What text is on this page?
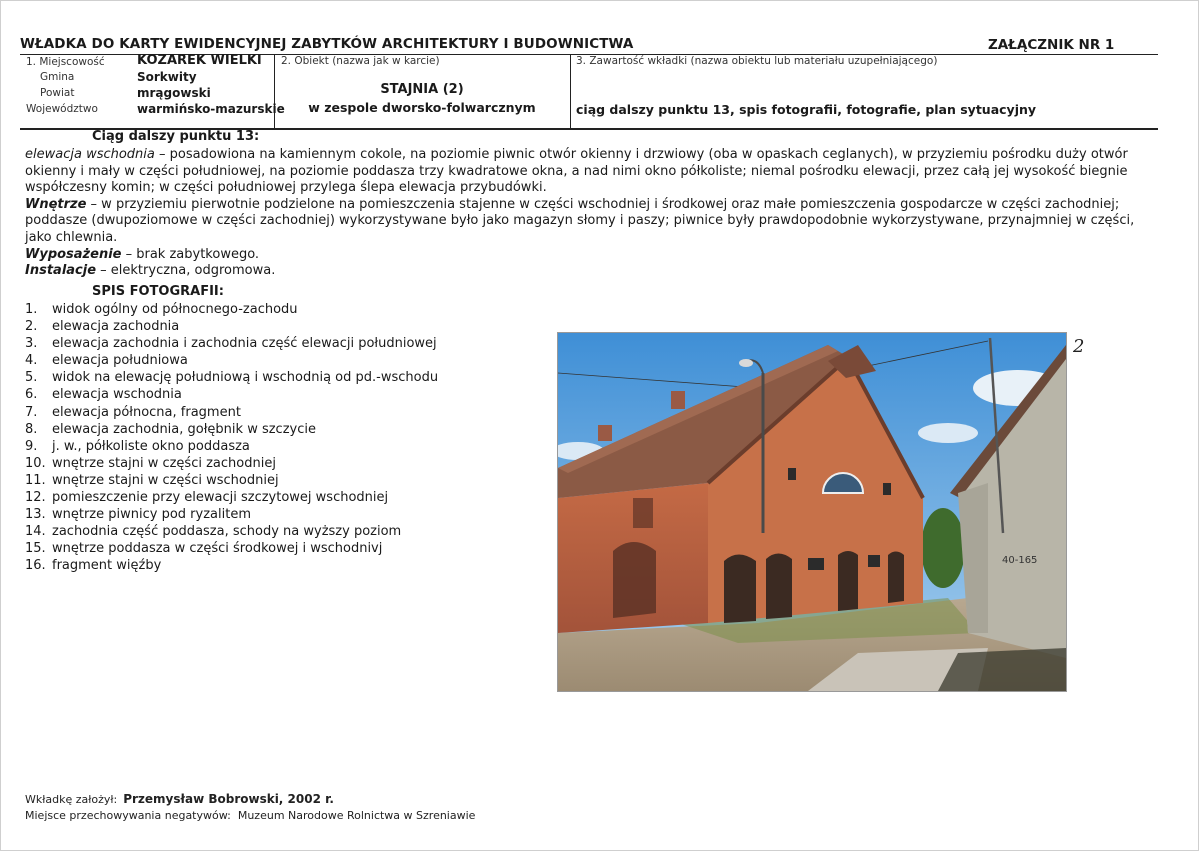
WŁADKA DO KARTY EWIDENCYJNEJ ZABYTKÓW ARCHITEKTURY I BUDOWNICTWA	ZAŁĄCZNIK NR 1
1. Miejscowość KOZAREK WIELKI
Gmina	Sorkwity
Powiat	mrągowski
Województwo	warmińsko-mazurskie
2. Obiekt (nazwa jak w karcie)
STAJNIA (2)
w zespole dworsko-folwarcznym
3. Zawartość wkładki (nazwa obiektu lub materiału uzupełniającego)
ciąg dalszy punktu 13, spis fotografii, fotografie, plan sytuacyjny
Ciąg dalszy punktu 13:

elewacja wschodnia – posadowiona na kamiennym cokole, na poziomie piwnic otwór okienny i drzwiowy (oba w opaskach ceglanych), w przyziemiu pośrodku duży otwór okienny i mały w części południowej, na poziomie poddasza trzy kwadratowe okna, a nad nimi okno półkoliste; niemal pośrodku elewacji, przez całą jej wysokość biegnie współczesny komin; w części południowej przylega ślepa elewacja przybudówki.

Wnętrze – w przyziemiu pierwotnie podzielone na pomieszczenia stajenne w części wschodniej i środkowej oraz małe pomieszczenia gospodarcze w części zachodniej; poddasze (dwupoziomowe w części zachodniej) wykorzystywane było jako magazyn słomy i paszy; piwnice były prawdopodobnie wykorzystywane, przynajmniej w części, jako chlewnia.

Wyposażenie – brak zabytkowego.

Instalacje – elektryczna, odgromowa.

SPIS FOTOGRAFII:
1. widok ogólny od północnego-zachodu
2. elewacja zachodnia
3. elewacja zachodnia i zachodnia część elewacji południowej
4. elewacja południowa
5. widok na elewację południową i wschodnią od pd.-wschodu
6. elewacja wschodnia
7. elewacja północna, fragment
8. elewacja zachodnia, gołębnik w szczycie
9. j. w., półkoliste okno poddasza
10. wnętrze stajni w części zachodniej
11. wnętrze stajni w części wschodniej
12. pomieszczenie przy elewacji szczytowej wschodniej
13. wnętrze piwnicy pod ryzalitem
14. zachodnia część poddasza, schody na wyższy poziom
15. wnętrze poddasza w części środkowej i wschodnivj
16. fragment więźby	40-165
2
Wkładkę założył: Przemysław Bobrowski, 2002 r.
Miejsce przechowywania negatywów: Muzeum Narodowe Rolnictwa w Szreniawie
